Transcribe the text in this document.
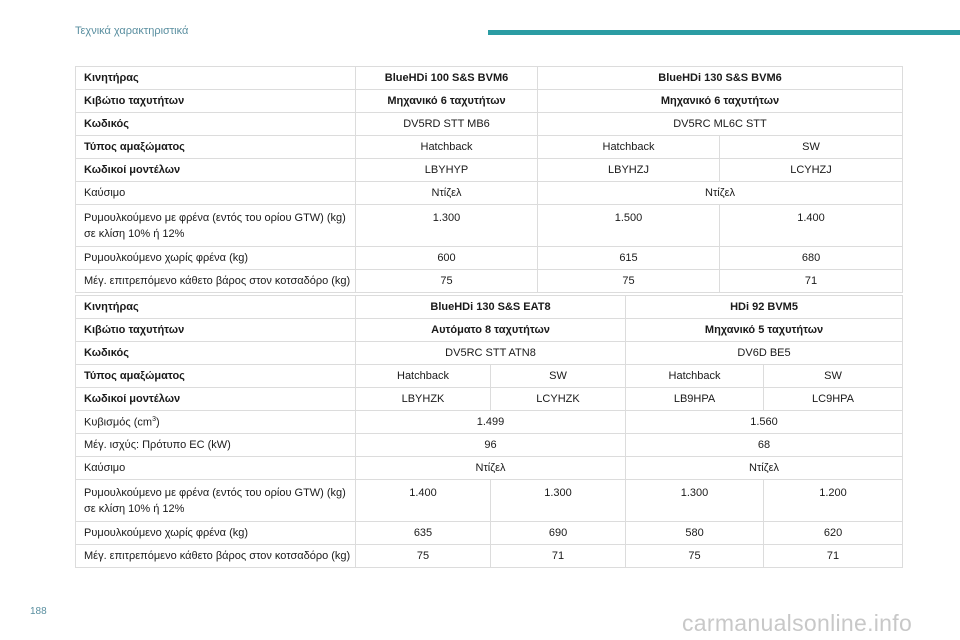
Τεχνικά χαρακτηριστικά
Κινητήρας	BlueHDi 100 S&S BVM6	BlueHDi 130 S&S BVM6	
Κιβώτιο ταχυτήτων	Μηχανικό 6 ταχυτήτων	Μηχανικό 6 ταχυτήτων	
Κωδικός	DV5RD STT MB6	DV5RC ML6C STT	
Τύπος αμαξώματος	Hatchback	Hatchback	SW
Κωδικοί μοντέλων	LBYHYP	LBYHZJ	LCYHZJ
Καύσιμο	Ντίζελ	Ντίζελ	
Ρυμουλκούμενο με φρένα (εντός του ορίου GTW) (kg)
σε κλίση 10% ή 12%	1.300	1.500	1.400
Ρυμουλκούμενο χωρίς φρένα (kg)	600	615	680
Μέγ. επιτρεπόμενο κάθετο βάρος στον κοτσαδόρο (kg)	75	75	71
Κινητήρας	BlueHDi 130 S&S EAT8		HDi 92 BVM5	
Κιβώτιο ταχυτήτων	Αυτόματο 8 ταχυτήτων		Μηχανικό 5 ταχυτήτων	
Κωδικός	DV5RC STT ATN8		DV6D BE5	
Τύπος αμαξώματος	Hatchback	SW	Hatchback	SW
Κωδικοί μοντέλων	LBYHZK	LCYHZK	LB9HPA	LC9HPA
Κυβισμός $(cm^3)$	1.499		1.560	
Μέγ. ισχύς: Πρότυπο EC (kW)	96		68	
Καύσιμο	Ντίζελ		Ντίζελ	
Ρυμουλκούμενο με φρένα (εντός του ορίου GTW) (kg)
σε κλίση 10% ή 12%	1.400	1.300	1.300	1.200
Ρυμουλκούμενο χωρίς φρένα (kg)	635	690	580	620
Μέγ. επιτρεπόμενο κάθετο βάρος στον κοτσαδόρο (kg)	75	71	75	71
188	carmanualsonline.info
